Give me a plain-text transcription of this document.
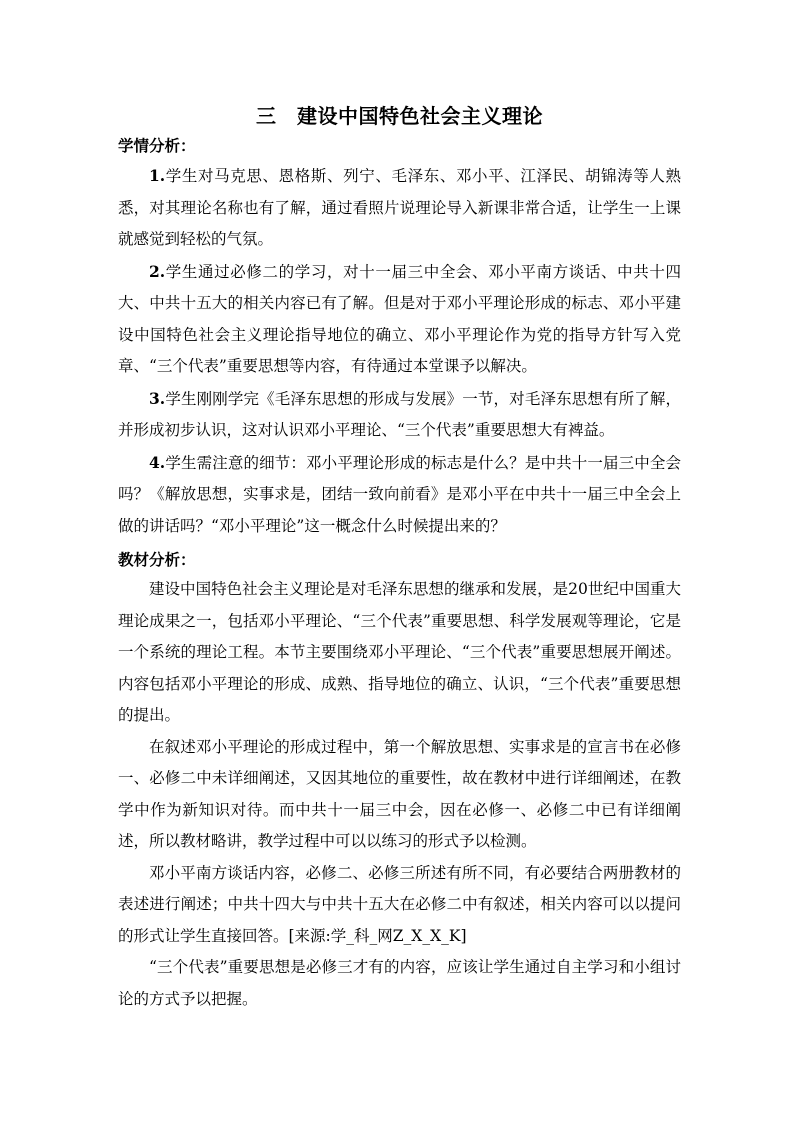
三　建设中国特色社会主义理论
学情分析：

1.学生对马克思、恩格斯、列宁、毛泽东、邓小平、江泽民、胡锦涛等人熟悉，对其理论名称也有了解，通过看照片说理论导入新课非常合适，让学生一上课就感觉到轻松的气氛。

2.学生通过必修二的学习，对十一届三中全会、邓小平南方谈话、中共十四大、中共十五大的相关内容已有了解。但是对于邓小平理论形成的标志、邓小平建设中国特色社会主义理论指导地位的确立、邓小平理论作为党的指导方针写入党章、“三个代表”重要思想等内容，有待通过本堂课予以解决。

3.学生刚刚学完《毛泽东思想的形成与发展》一节，对毛泽东思想有所了解，并形成初步认识，这对认识邓小平理论、“三个代表”重要思想大有裨益。

4.学生需注意的细节：邓小平理论形成的标志是什么？是中共十一届三中全会吗？《解放思想，实事求是，团结一致向前看》是邓小平在中共十一届三中全会上做的讲话吗？“邓小平理论”这一概念什么时候提出来的？

教材分析：

建设中国特色社会主义理论是对毛泽东思想的继承和发展，是20世纪中国重大理论成果之一，包括邓小平理论、“三个代表”重要思想、科学发展观等理论，它是一个系统的理论工程。本节主要围绕邓小平理论、“三个代表”重要思想展开阐述。内容包括邓小平理论的形成、成熟、指导地位的确立、认识，“三个代表”重要思想的提出。

在叙述邓小平理论的形成过程中，第一个解放思想、实事求是的宣言书在必修一、必修二中未详细阐述，又因其地位的重要性，故在教材中进行详细阐述，在教学中作为新知识对待。而中共十一届三中会，因在必修一、必修二中已有详细阐述，所以教材略讲，教学过程中可以以练习的形式予以检测。

邓小平南方谈话内容，必修二、必修三所述有所不同，有必要结合两册教材的表述进行阐述；中共十四大与中共十五大在必修二中有叙述，相关内容可以以提问的形式让学生直接回答。[来源:学_科_网Z_X_X_K]

“三个代表”重要思想是必修三才有的内容，应该让学生通过自主学习和小组讨论的方式予以把握。
